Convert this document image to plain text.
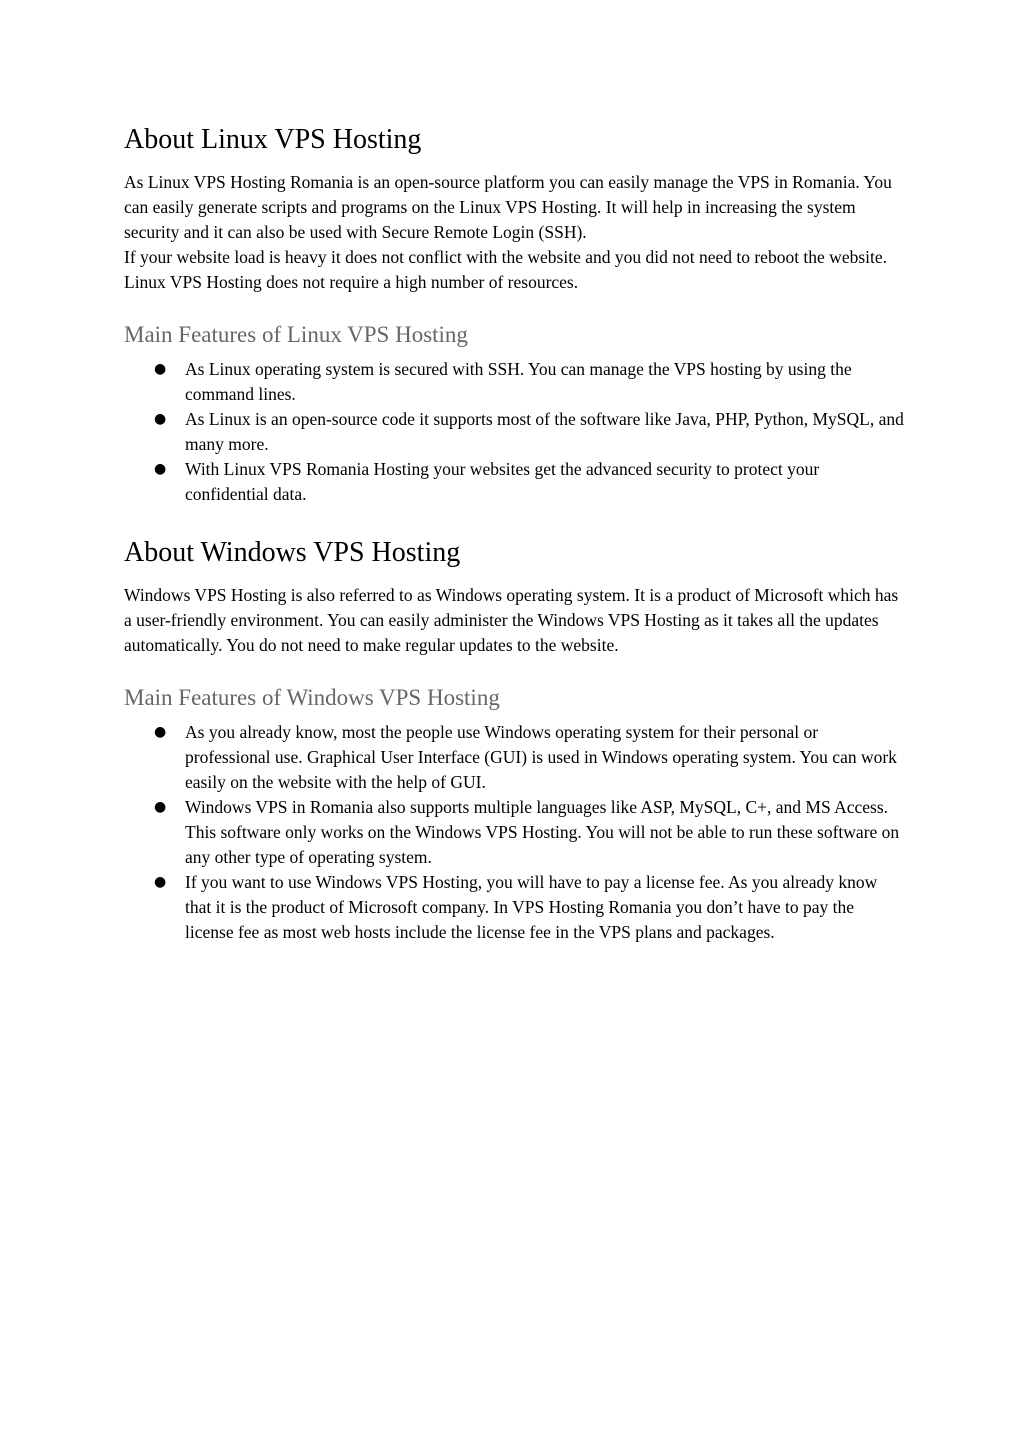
About Linux VPS Hosting

As Linux VPS Hosting Romania is an open-source platform you can easily manage the VPS in Romania. You can easily generate scripts and programs on the Linux VPS Hosting. It will help in increasing the system security and it can also be used with Secure Remote Login (SSH).
If your website load is heavy it does not conflict with the website and you did not need to reboot the website. Linux VPS Hosting does not require a high number of resources.

Main Features of Linux VPS Hosting
● As Linux operating system is secured with SSH. You can manage the VPS hosting by using the command lines.
● As Linux is an open-source code it supports most of the software like Java, PHP, Python, MySQL, and many more.
● With Linux VPS Romania Hosting your websites get the advanced security to protect your confidential data.
About Windows VPS Hosting

Windows VPS Hosting is also referred to as Windows operating system. It is a product of Microsoft which has a user-friendly environment. You can easily administer the Windows VPS Hosting as it takes all the updates automatically. You do not need to make regular updates to the website.

Main Features of Windows VPS Hosting
● As you already know, most the people use Windows operating system for their personal or professional use. Graphical User Interface (GUI) is used in Windows operating system. You can work easily on the website with the help of GUI.
● Windows VPS in Romania also supports multiple languages like ASP, MySQL, C+, and MS Access. This software only works on the Windows VPS Hosting. You will not be able to run these software on any other type of operating system.
● If you want to use Windows VPS Hosting, you will have to pay a license fee. As you already know that it is the product of Microsoft company. In VPS Hosting Romania you don’t have to pay the license fee as most web hosts include the license fee in the VPS plans and packages.
